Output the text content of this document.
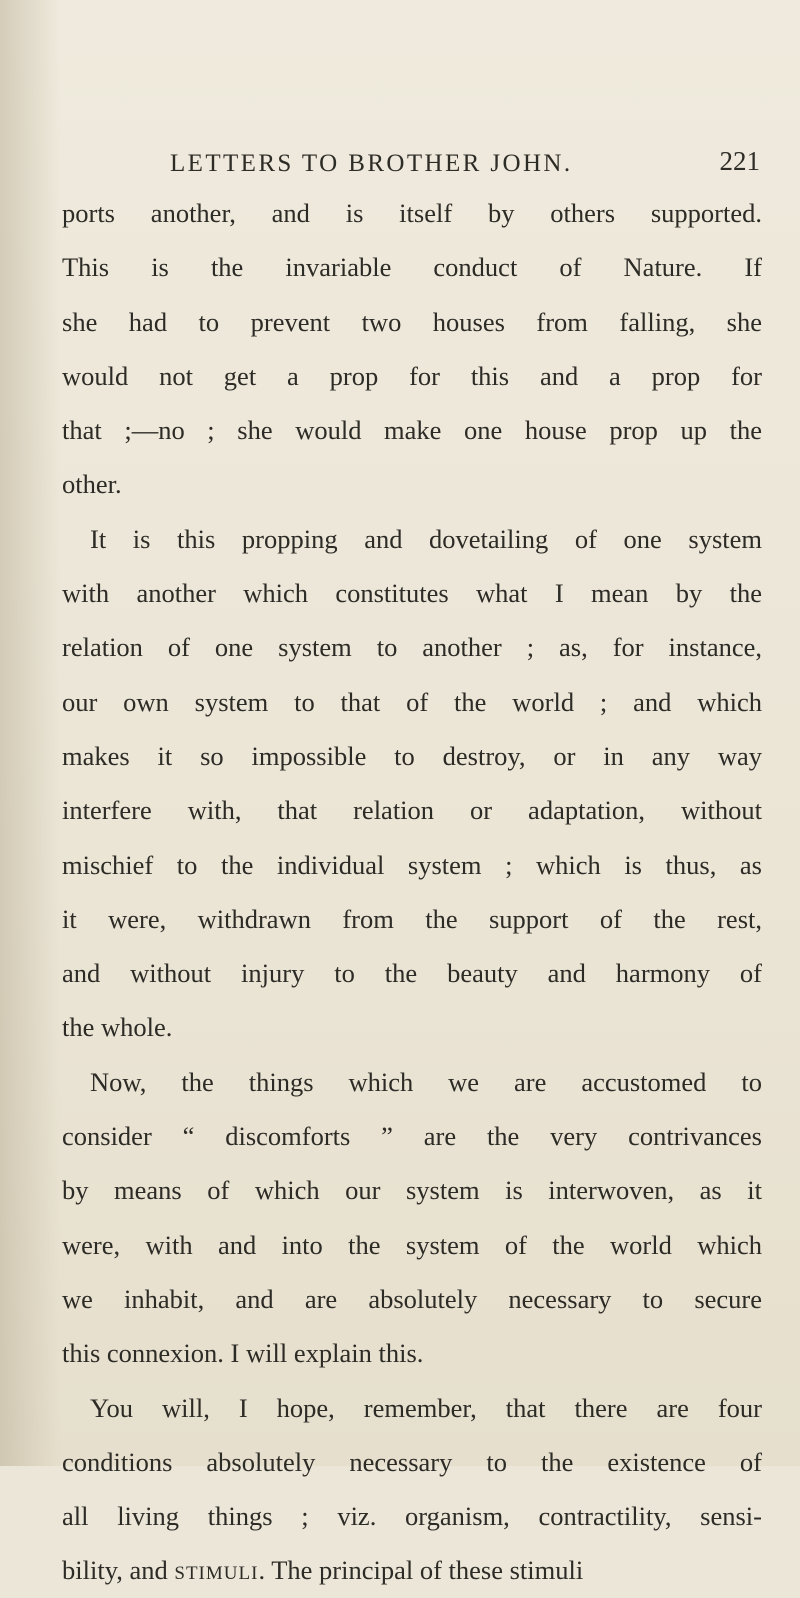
LETTERS TO BROTHER JOHN.	221
ports another, and is itself by others supported.
This is the invariable conduct of Nature. If
she had to prevent two houses from falling, she
would not get a prop for this and a prop for
that ;—no ; she would make one house prop up the
other.
It is this propping and dovetailing of one system
with another which constitutes what I mean by the
relation of one system to another ; as, for instance,
our own system to that of the world ; and which
makes it so impossible to destroy, or in any way
interfere with, that relation or adaptation, without
mischief to the individual system ; which is thus, as
it were, withdrawn from the support of the rest,
and without injury to the beauty and harmony of
the whole.
Now, the things which we are accustomed to
consider “ discomforts ” are the very contrivances
by means of which our system is interwoven, as it
were, with and into the system of the world which
we inhabit, and are absolutely necessary to secure
this connexion. I will explain this.
You will, I hope, remember, that there are four
conditions absolutely necessary to the existence of
all living things ; viz. organism, contractility, sensi-
bility, and stimuli. The principal of these stimuli
